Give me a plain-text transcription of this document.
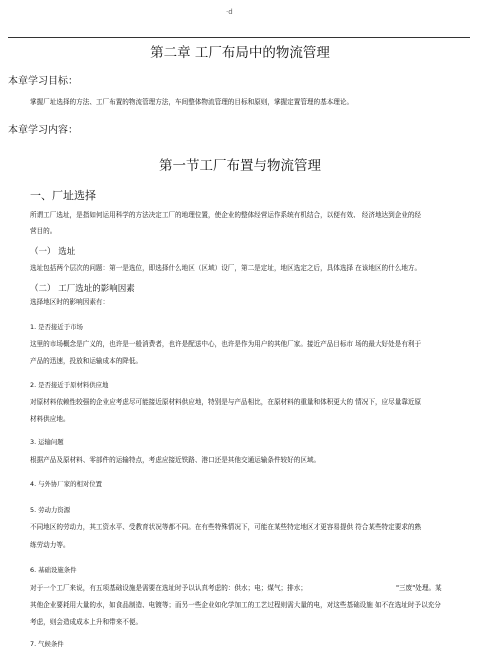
·d
第二章 工厂布局中的物流管理
本章学习目标：
掌握厂址选择的方法、工厂布置的物流管理方法，车间整体物流管理的目标和原则，掌握定置管理的基本理论。
本章学习内容：
第一节工厂布置与物流管理
一、厂址选择
所谓工厂选址，是指如何运用科学的方法决定工厂的地理位置，使企业的整体经营运作系统有机结合，以便有效、 经济地达到企业的经
营目的。
（一） 选址
选址包括两个层次的问题：第一是选位，即选择什么地区（区域）设厂，第二是定址，地区选定之后，具体选择 在该地区的什么地方。
（二） 工厂选址的影响因素
选择地区时的影响因素有：
1. 是否接近于市场
这里的市场概念是广义的，也许是一般消费者，也许是配送中心，也许是作为用户的其他厂家。接近产品目标市 场的最大好处是有利于
产品的迅速，投放和运输成本的降低。
2. 是否接近于原材料供应地
对原材料依赖性较强的企业应考虑尽可能接近原材料供应地，特别是与产品相比，在原材料的重量和体积更大的 情况下，应尽量靠近原
材料供应地。
3. 运输问题
根据产品及原材料、零部件的运输特点，考虑应接近铁路、港口还是其他交通运输条件较好的区域。
4. 与外协厂家的相对位置
5. 劳动力资源
不同地区的劳动力，其工资水平、受教育状况等都不同。在有些特殊情况下，可能在某些特定地区才更容易提供 符合某些特定要求的熟
练劳动力等。
6. 基础设施条件
对于一个工厂来说，有五项基础设施是需要在选址时予以认真考虑的：供水；电；煤气；排水；	"三废"处理。某
其他企业要耗用大量的水，如食品制造、电镀等；而另一些企业如化学加工的工艺过程则需大量的电，对这些基础设施 如不在选址时予以充分
考虑，则会造成成本上升和带来不便。
7. 气候条件
